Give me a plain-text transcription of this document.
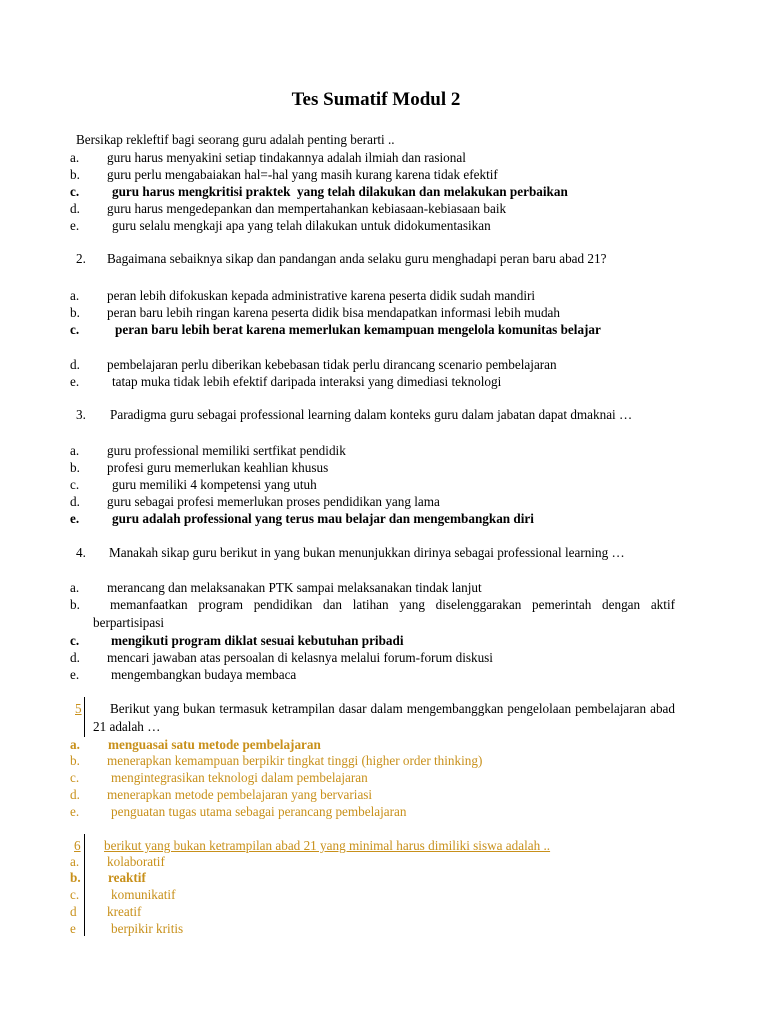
Tes Sumatif Modul 2
Bersikap rekleftif bagi seorang guru adalah penting berarti ..
a.	guru harus menyakini setiap tindakannya adalah ilmiah dan rasional
b.	guru perlu mengabaiakan hal=-hal yang masih kurang karena tidak efektif
c.	guru harus mengkritisi praktek  yang telah dilakukan dan melakukan perbaikan
d.	guru harus mengedepankan dan mempertahankan kebiasaan-kebiasaan baik
e.	guru selalu mengkaji apa yang telah dilakukan untuk didokumentasikan
2.	Bagaimana sebaiknya sikap dan pandangan anda selaku guru menghadapi peran baru abad 21?
a.	peran lebih difokuskan kepada administrative karena peserta didik sudah mandiri
b.	peran baru lebih ringan karena peserta didik bisa mendapatkan informasi lebih mudah
c.	peran baru lebih berat karena memerlukan kemampuan mengelola komunitas belajar
d.	pembelajaran perlu diberikan kebebasan tidak perlu dirancang scenario pembelajaran
e.	tatap muka tidak lebih efektif daripada interaksi yang dimediasi teknologi
3.	Paradigma guru sebagai professional learning dalam konteks guru dalam jabatan dapat dmaknai …
a.	guru professional memiliki sertfikat pendidik
b.	profesi guru memerlukan keahlian khusus
c.	guru memiliki 4 kompetensi yang utuh
d.	guru sebagai profesi memerlukan proses pendidikan yang lama
e.	guru adalah professional yang terus mau belajar dan mengembangkan diri
4.	Manakah sikap guru berikut in yang bukan menunjukkan dirinya sebagai professional learning …
a.	merancang dan melaksanakan PTK sampai melaksanakan tindak lanjut
b.	memanfaatkan program pendidikan dan latihan yang diselenggarakan pemerintah dengan aktif berpartisipasi
c.	mengikuti program diklat sesuai kebutuhan pribadi
d.	mencari jawaban atas persoalan di kelasnya melalui forum-forum diskusi
e.	mengembangkan budaya membaca
5	Berikut yang bukan termasuk ketrampilan dasar dalam mengembanggkan pengelolaan pembelajaran abad 21 adalah …
a.	menguasai satu metode pembelajaran
b.	menerapkan kemampuan berpikir tingkat tinggi (higher order thinking)
c.	mengintegrasikan teknologi dalam pembelajaran
d.	menerapkan metode pembelajaran yang bervariasi
e.	penguatan tugas utama sebagai perancang pembelajaran
6 berikut yang bukan ketrampilan abad 21 yang minimal harus dimiliki siswa adalah ..
a.	kolaboratif
b.	reaktif
c.	komunikatif
d	kreatif
e	berpikir kritis
